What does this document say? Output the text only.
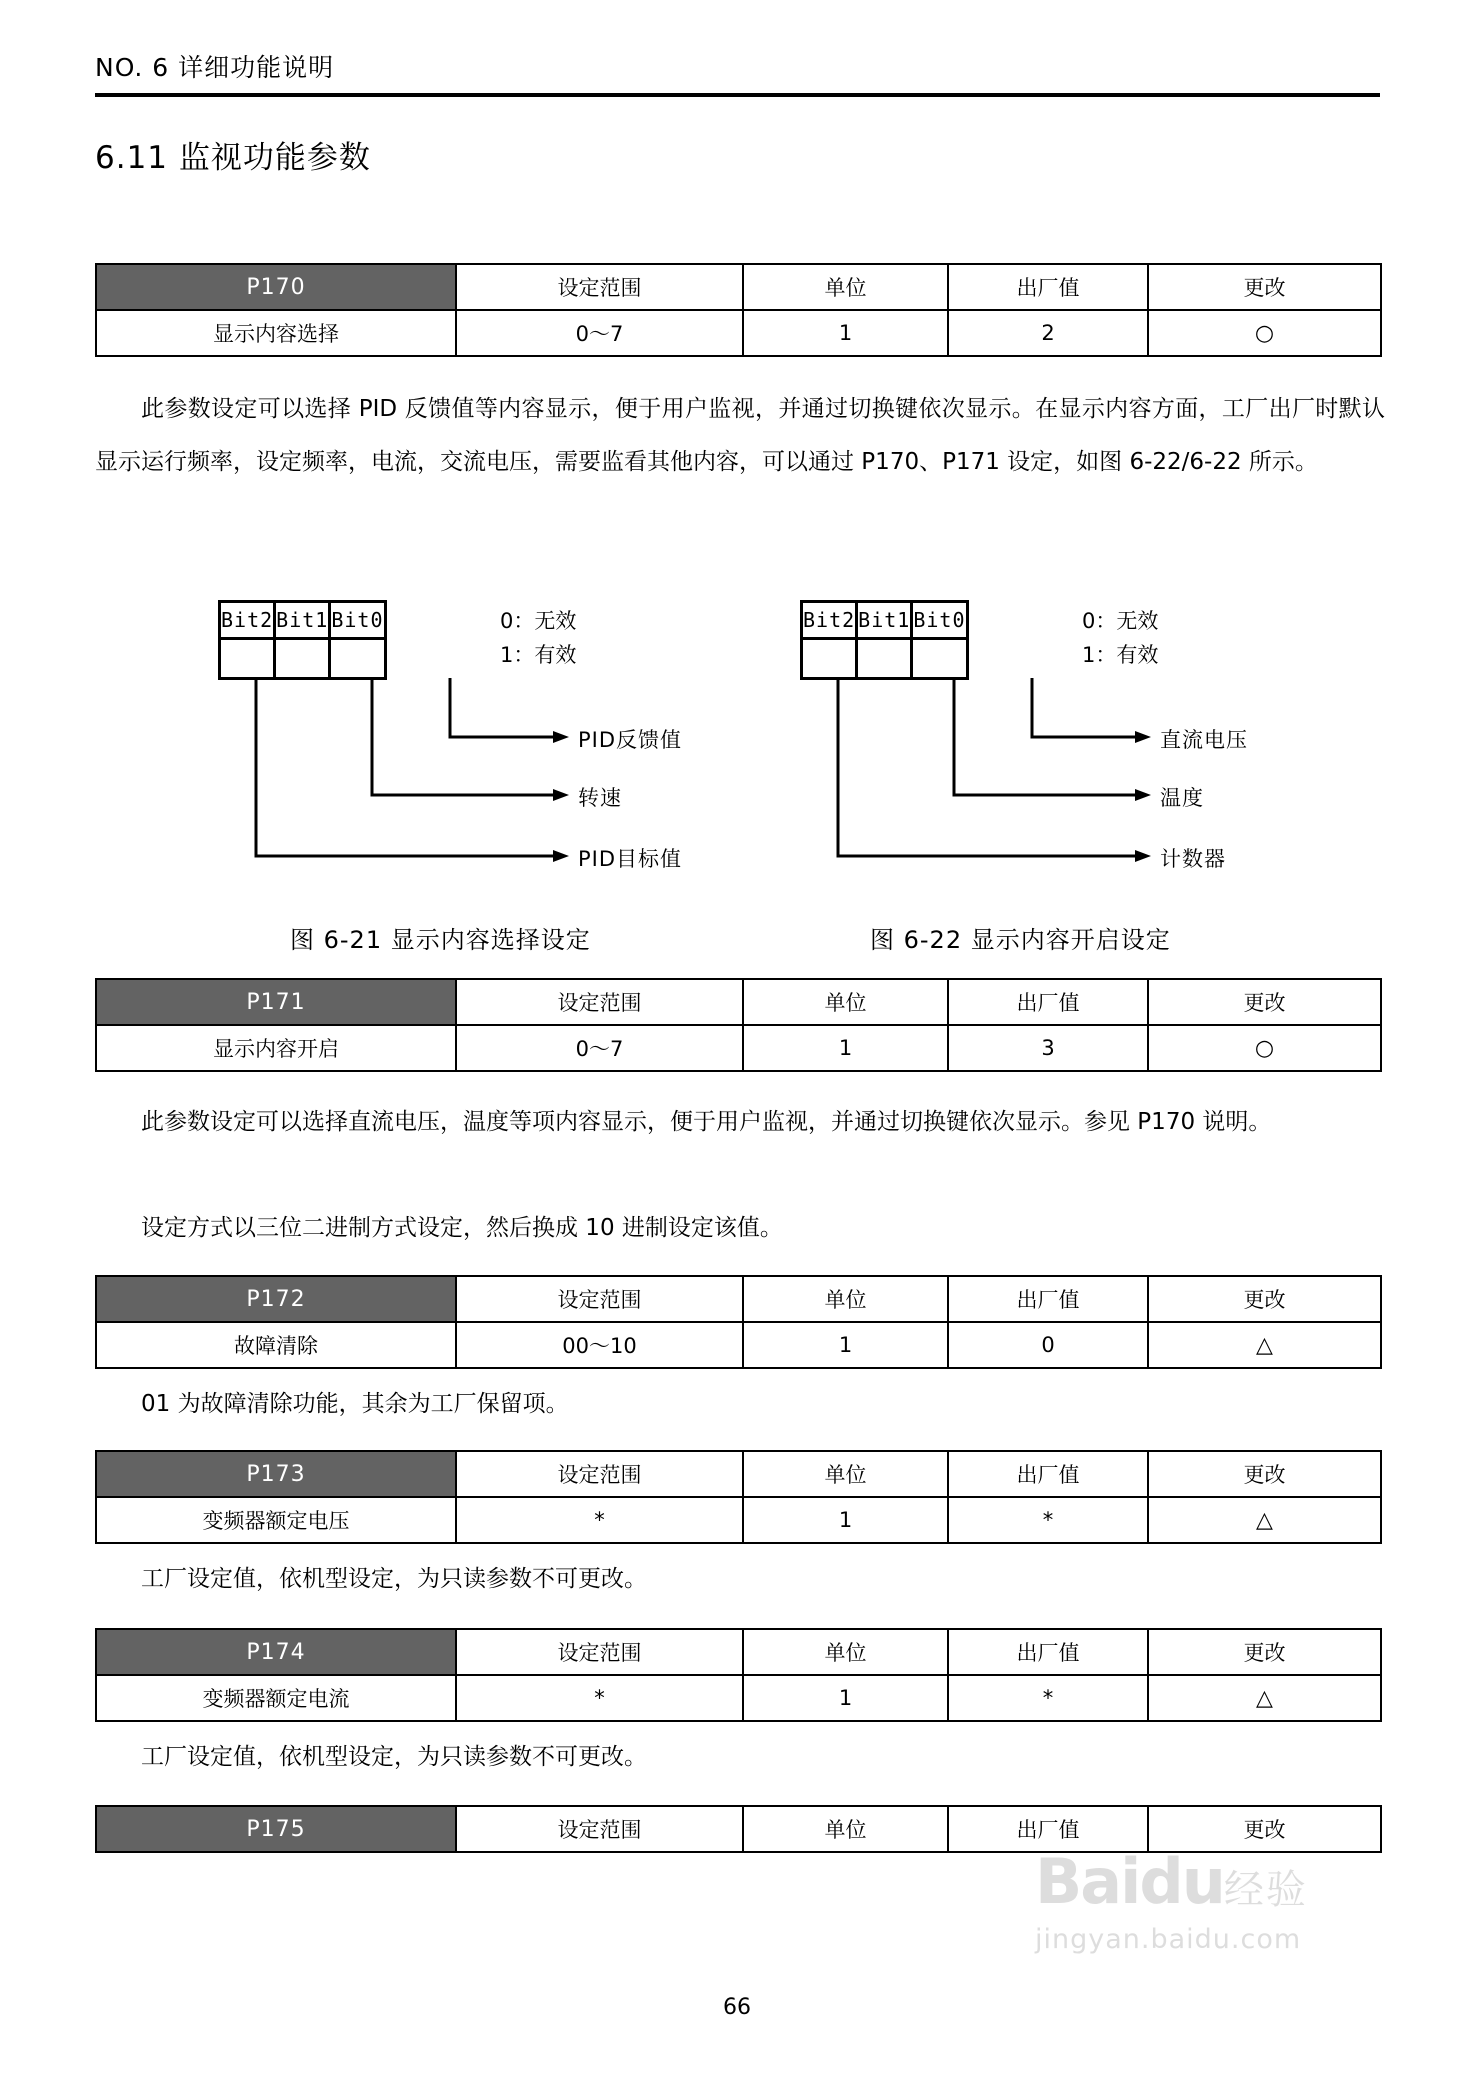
NO. 6 详细功能说明
6.11 监视功能参数
P170	设定范围	单位	出厂值	更改
显示内容选择	0～7	1	2	○
此参数设定可以选择 PID 反馈值等内容显示，便于用户监视，并通过切换键依次显示。在显示内容方面，工厂出厂时默认显示运行频率，设定频率，电流，交流电压，需要监看其他内容，可以通过 P170、P171 设定，如图 6-22/6-22 所示。
Bit2	Bit1	Bit0
			0：无效
1：有效
PID反馈值
转速
PID目标值
图 6-21 显示内容选择设定
Bit2	Bit1	Bit0
			0：无效
1：有效
直流电压
温度
计数器
图 6-22 显示内容开启设定
P171	设定范围	单位	出厂值	更改
显示内容开启	0～7	1	3	○
此参数设定可以选择直流电压，温度等项内容显示，便于用户监视，并通过切换键依次显示。参见 P170 说明。
设定方式以三位二进制方式设定，然后换成 10 进制设定该值。
P172	设定范围	单位	出厂值	更改
故障清除	00～10	1	0	△
01 为故障清除功能，其余为工厂保留项。
P173	设定范围	单位	出厂值	更改
变频器额定电压	*	1	*	△
工厂设定值，依机型设定，为只读参数不可更改。
P174	设定范围	单位	出厂值	更改
变频器额定电流	*	1	*	△
工厂设定值，依机型设定，为只读参数不可更改。
P175	设定范围	单位	出厂值	更改
Baidu经验
jingyan.baidu.com
66
